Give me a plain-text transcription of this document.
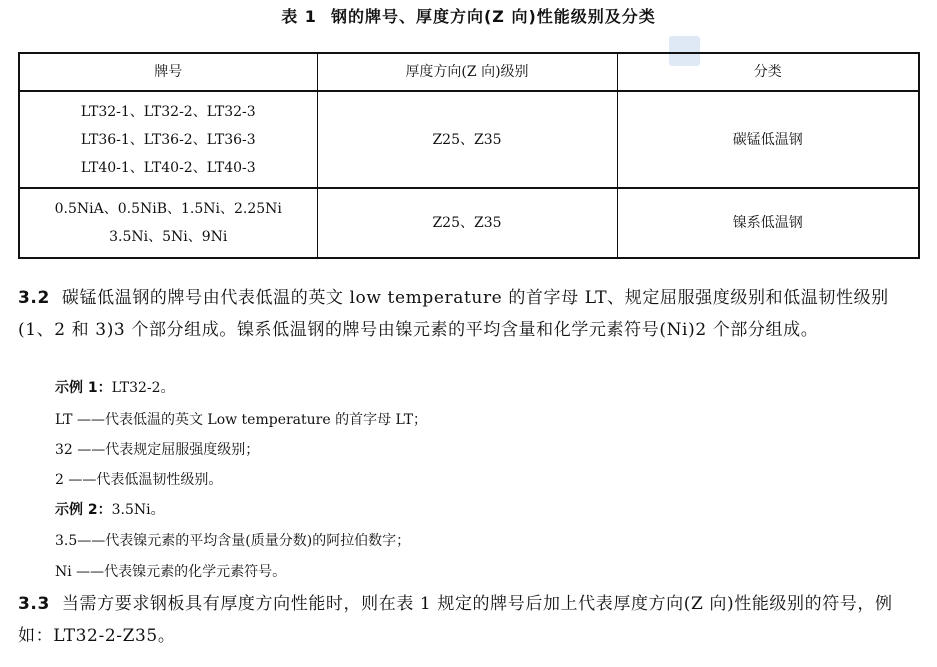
表 1 钢的牌号、厚度方向(Z 向)性能级别及分类
牌号	厚度方向(Z 向)级别	分类

LT32-1、LT32-2、LT32-3
LT36-1、LT36-2、LT36-3
LT40-1、LT40-2、LT40-3	Z25、Z35	碳锰低温钢

0.5NiA、0.5NiB、1.5Ni、2.25Ni
3.5Ni、5Ni、9Ni	Z25、Z35	镍系低温钢
3.2 碳锰低温钢的牌号由代表低温的英文 low temperature 的首字母 LT、规定屈服强度级别和低温韧性级别(1、2 和 3)3 个部分组成。镍系低温钢的牌号由镍元素的平均含量和化学元素符号(Ni)2 个部分组成。
示例 1：LT32-2。
LT ——代表低温的英文 Low temperature 的首字母 LT；
32 ——代表规定屈服强度级别；
2 ——代表低温韧性级别。
示例 2：3.5Ni。
3.5——代表镍元素的平均含量(质量分数)的阿拉伯数字；
Ni ——代表镍元素的化学元素符号。
3.3 当需方要求钢板具有厚度方向性能时，则在表 1 规定的牌号后加上代表厚度方向(Z 向)性能级别的符号，例如：LT32-2-Z35。
